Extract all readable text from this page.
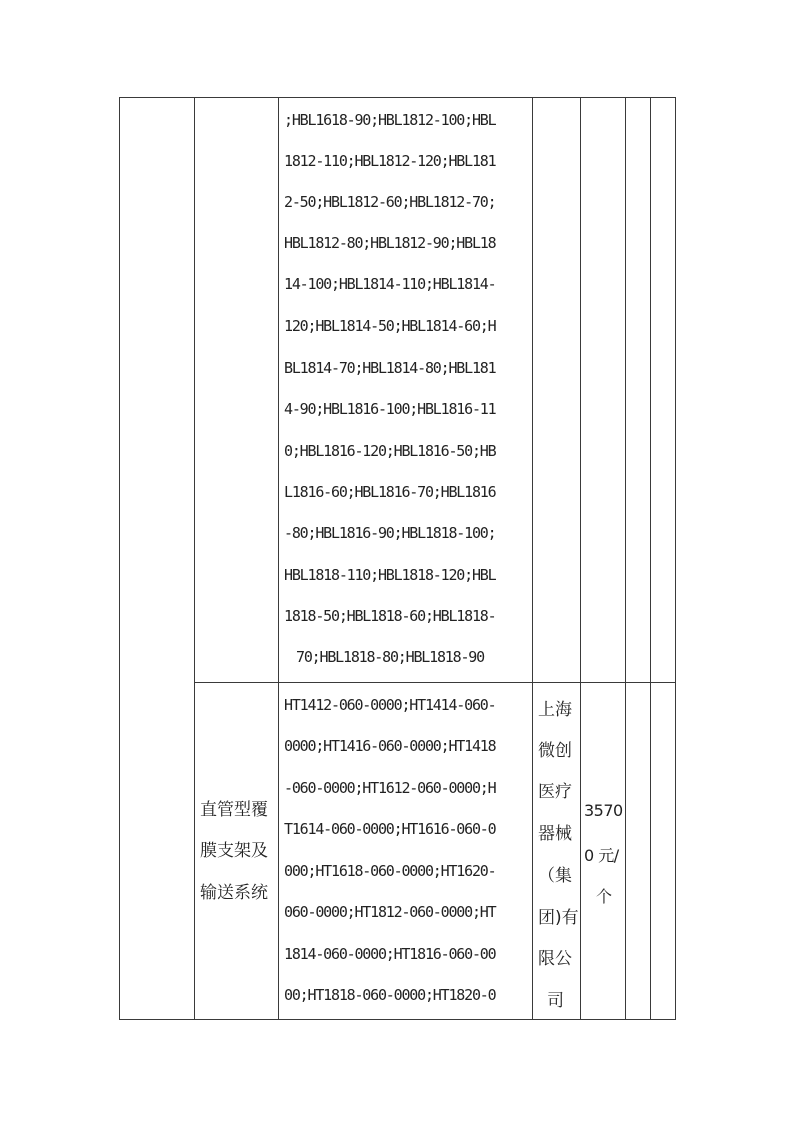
;HBL1618-90;HBL1812-100;HBL

1812-110;HBL1812-120;HBL181

2-50;HBL1812-60;HBL1812-70;

HBL1812-80;HBL1812-90;HBL18

14-100;HBL1814-110;HBL1814-

120;HBL1814-50;HBL1814-60;H

BL1814-70;HBL1814-80;HBL181

4-90;HBL1816-100;HBL1816-11

0;HBL1816-120;HBL1816-50;HB

L1816-60;HBL1816-70;HBL1816

-80;HBL1816-90;HBL1818-100;

HBL1818-110;HBL1818-120;HBL

1818-50;HBL1818-60;HBL1818-

70;HBL1818-80;HBL1818-90

直管型覆

膜支架及

输送系统

HT1412-060-0000;HT1414-060-

0000;HT1416-060-0000;HT1418

-060-0000;HT1612-060-0000;H

T1614-060-0000;HT1616-060-0

000;HT1618-060-0000;HT1620-

060-0000;HT1812-060-0000;HT

1814-060-0000;HT1816-060-00

00;HT1818-060-0000;HT1820-0

上海

微创

医疗

器械

（集

团)有

限公

司

3570

0 元/

个
